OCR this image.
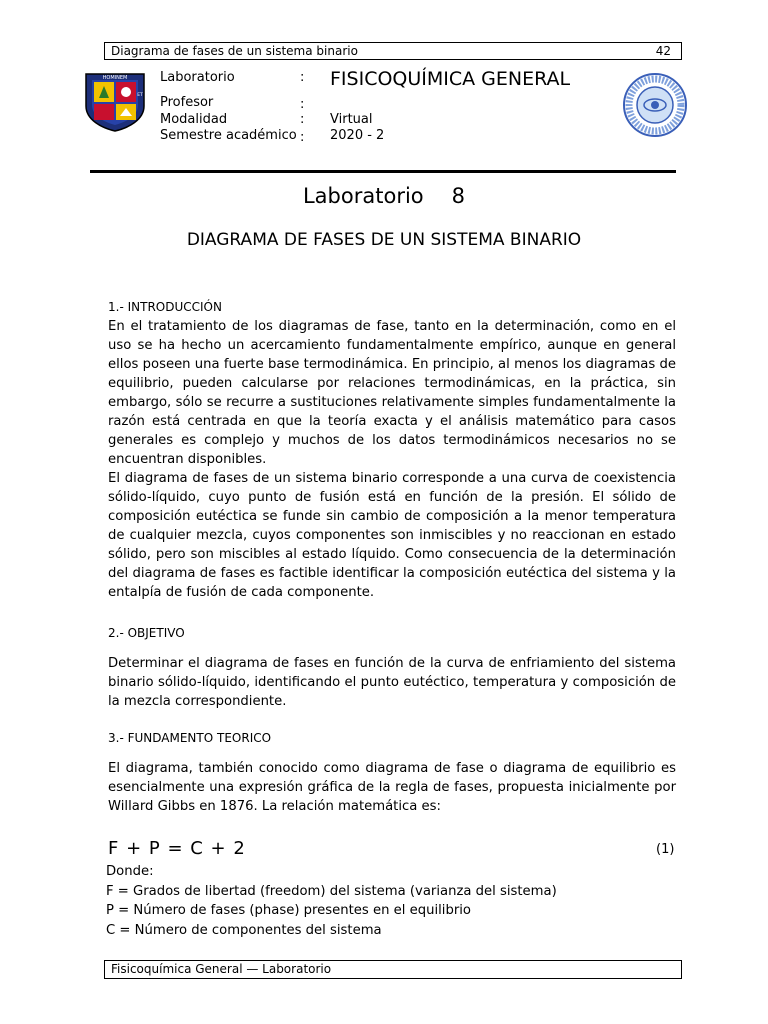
Diagrama de fases de un sistema binario	42
HOMINEM
ET
Laboratorio	: FISICOQUÍMICA GENERAL
Profesor	:
Modalidad	: Virtual
Semestre académico : 2020 - 2
Laboratorio 8
DIAGRAMA DE FASES DE UN SISTEMA BINARIO
1.- INTRODUCCIÓN

En el tratamiento de los diagramas de fase, tanto en la determinación, como en el uso se ha hecho un acercamiento fundamentalmente empírico, aunque en general ellos poseen una fuerte base termodinámica. En principio, al menos los diagramas de equilibrio, pueden calcularse por relaciones termodinámicas, en la práctica, sin embargo, sólo se recurre a sustituciones relativamente simples fundamentalmente la razón está centrada en que la teoría exacta y el análisis matemático para casos generales es complejo y muchos de los datos termodinámicos necesarios no se encuentran disponibles.

El diagrama de fases de un sistema binario corresponde a una curva de coexistencia sólido-líquido, cuyo punto de fusión está en función de la presión. El sólido de composición eutéctica se funde sin cambio de composición a la menor temperatura de cualquier mezcla, cuyos componentes son inmiscibles y no reaccionan en estado sólido, pero son miscibles al estado líquido. Como consecuencia de la determinación del diagrama de fases es factible identificar la composición eutéctica del sistema y la entalpía de fusión de cada componente.

2.- OBJETIVO

Determinar el diagrama de fases en función de la curva de enfriamiento del sistema binario sólido-líquido, identificando el punto eutéctico, temperatura y composición de la mezcla correspondiente.

3.- FUNDAMENTO TEORICO

El diagrama, también conocido como diagrama de fase o diagrama de equilibrio es esencialmente una expresión gráfica de la regla de fases, propuesta inicialmente por Willard Gibbs en 1876. La relación matemática es:

F + P = C + 2	(1)
Donde:
F = Grados de libertad (freedom) del sistema (varianza del sistema)
P = Número de fases (phase) presentes en el equilibrio
C = Número de componentes del sistema
Fisicoquímica General — Laboratorio
